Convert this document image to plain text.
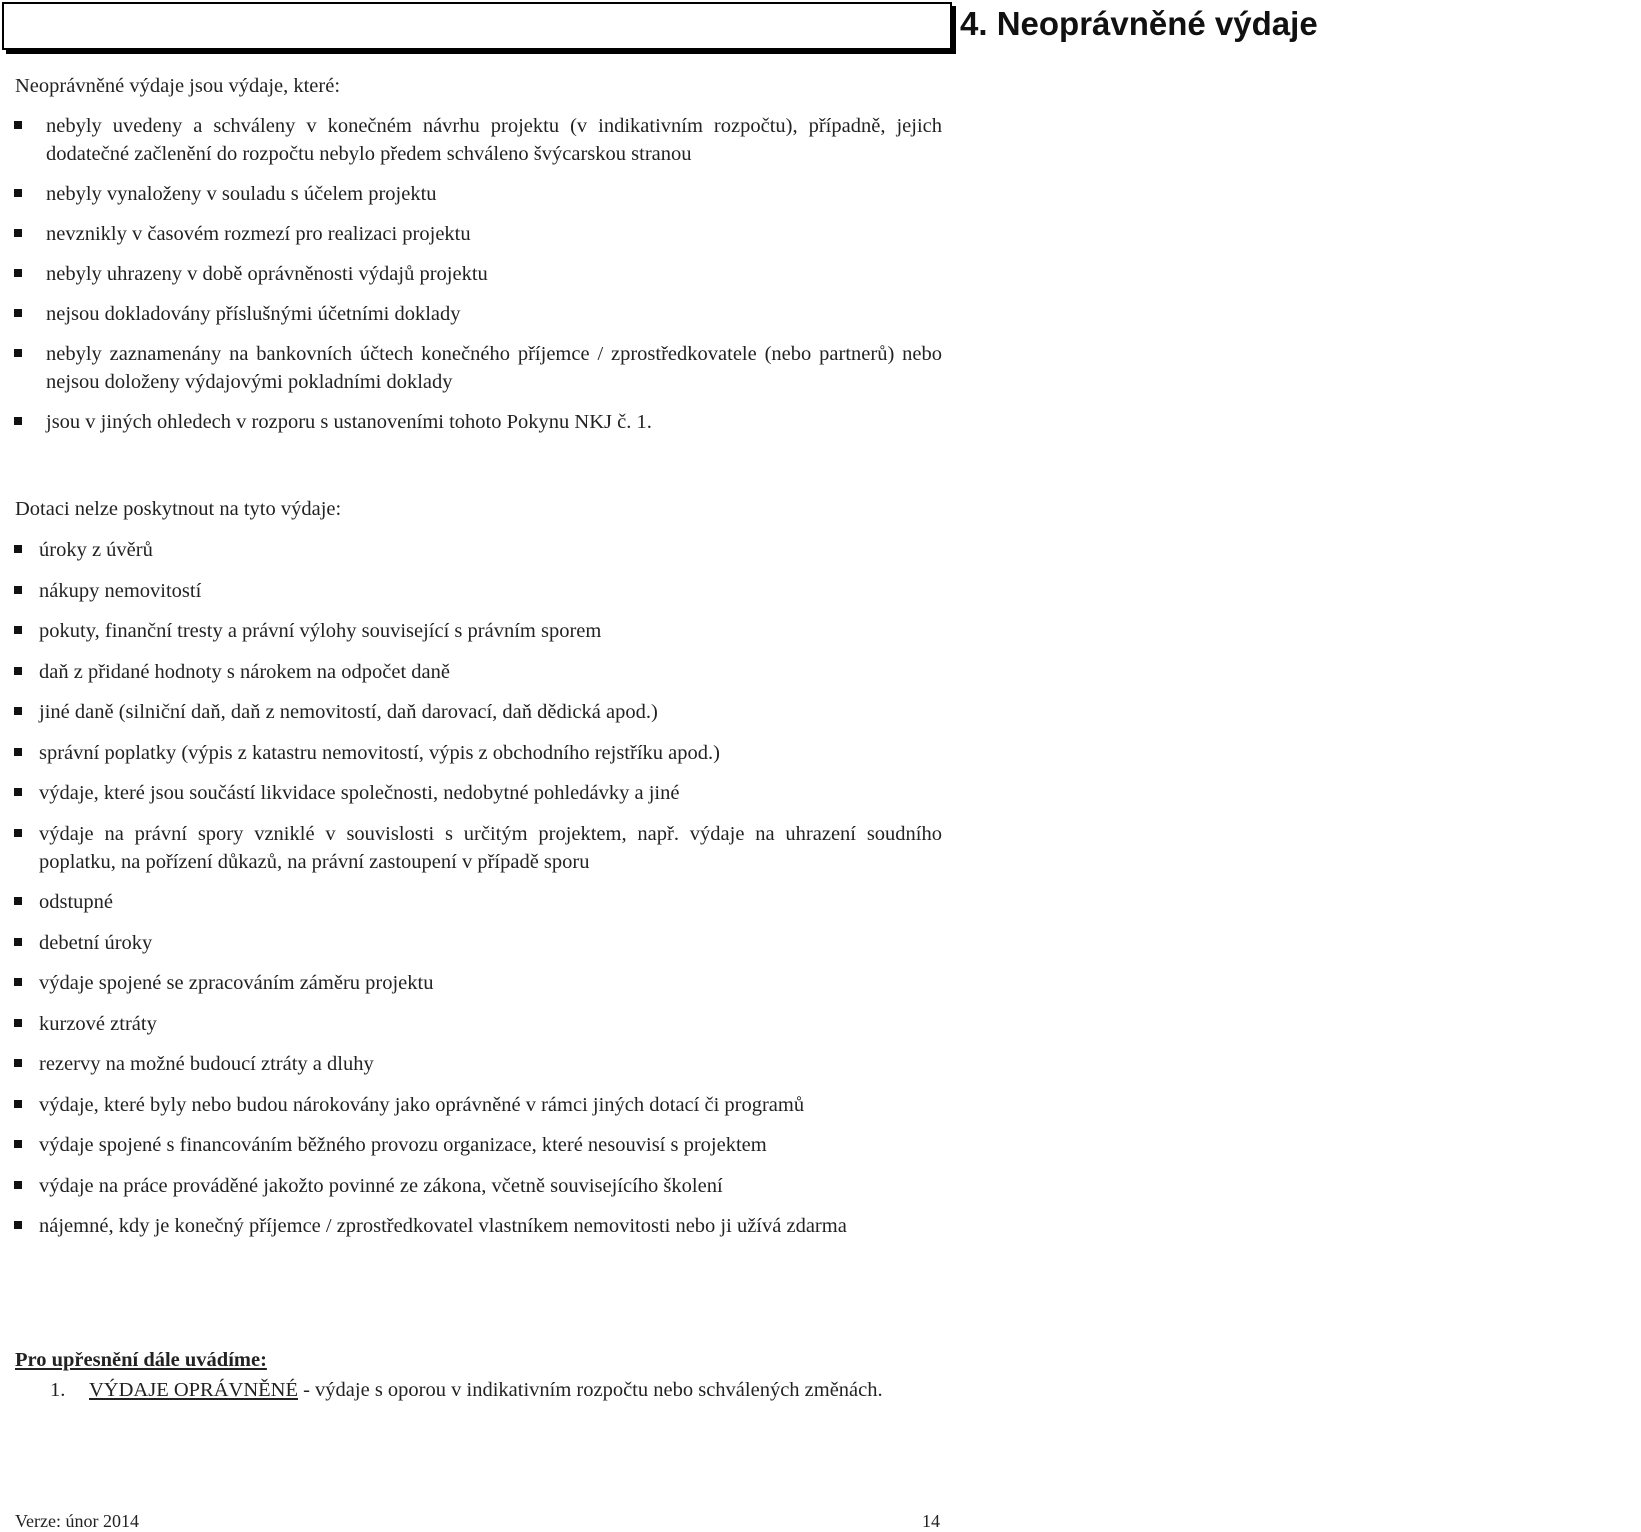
4. Neoprávněné výdaje

Neoprávněné výdaje jsou výdaje, které:

nebyly uvedeny a schváleny v konečném návrhu projektu (v indikativním rozpočtu), případně, jejich dodatečné začlenění do rozpočtu nebylo předem schváleno švýcarskou stranou
nebyly vynaloženy v souladu s účelem projektu
nevznikly v časovém rozmezí pro realizaci projektu
nebyly uhrazeny v době oprávněnosti výdajů projektu
nejsou dokladovány příslušnými účetními doklady
nebyly zaznamenány na bankovních účtech konečného příjemce / zprostředkovatele (nebo partnerů) nebo nejsou doloženy výdajovými pokladními doklady
jsou v jiných ohledech v rozporu s ustanoveními tohoto Pokynu NKJ č. 1.

Dotaci nelze poskytnout na tyto výdaje:

úroky z úvěrů
nákupy nemovitostí
pokuty, finanční tresty a právní výlohy související s právním sporem
daň z přidané hodnoty s nárokem na odpočet daně
jiné daně (silniční daň, daň z nemovitostí, daň darovací, daň dědická apod.)
správní poplatky (výpis z katastru nemovitostí, výpis z obchodního rejstříku apod.)
výdaje, které jsou součástí likvidace společnosti, nedobytné pohledávky a jiné
výdaje na právní spory vzniklé v souvislosti s určitým projektem, např. výdaje na uhrazení soudního poplatku, na pořízení důkazů, na právní zastoupení v případě sporu
odstupné
debetní úroky
výdaje spojené se zpracováním záměru projektu
kurzové ztráty
rezervy na možné budoucí ztráty a dluhy
výdaje, které byly nebo budou nárokovány jako oprávněné v rámci jiných dotací či programů
výdaje spojené s financováním běžného provozu organizace, které nesouvisí s projektem
výdaje na práce prováděné jakožto povinné ze zákona, včetně souvisejícího školení
nájemné, kdy je konečný příjemce / zprostředkovatel vlastníkem nemovitosti nebo ji užívá zdarma
Pro upřesnění dále uvádíme:
1. VÝDAJE OPRÁVNĚNÉ - výdaje s oporou v indikativním rozpočtu nebo schválených změnách.
Verze: únor 2014	14
